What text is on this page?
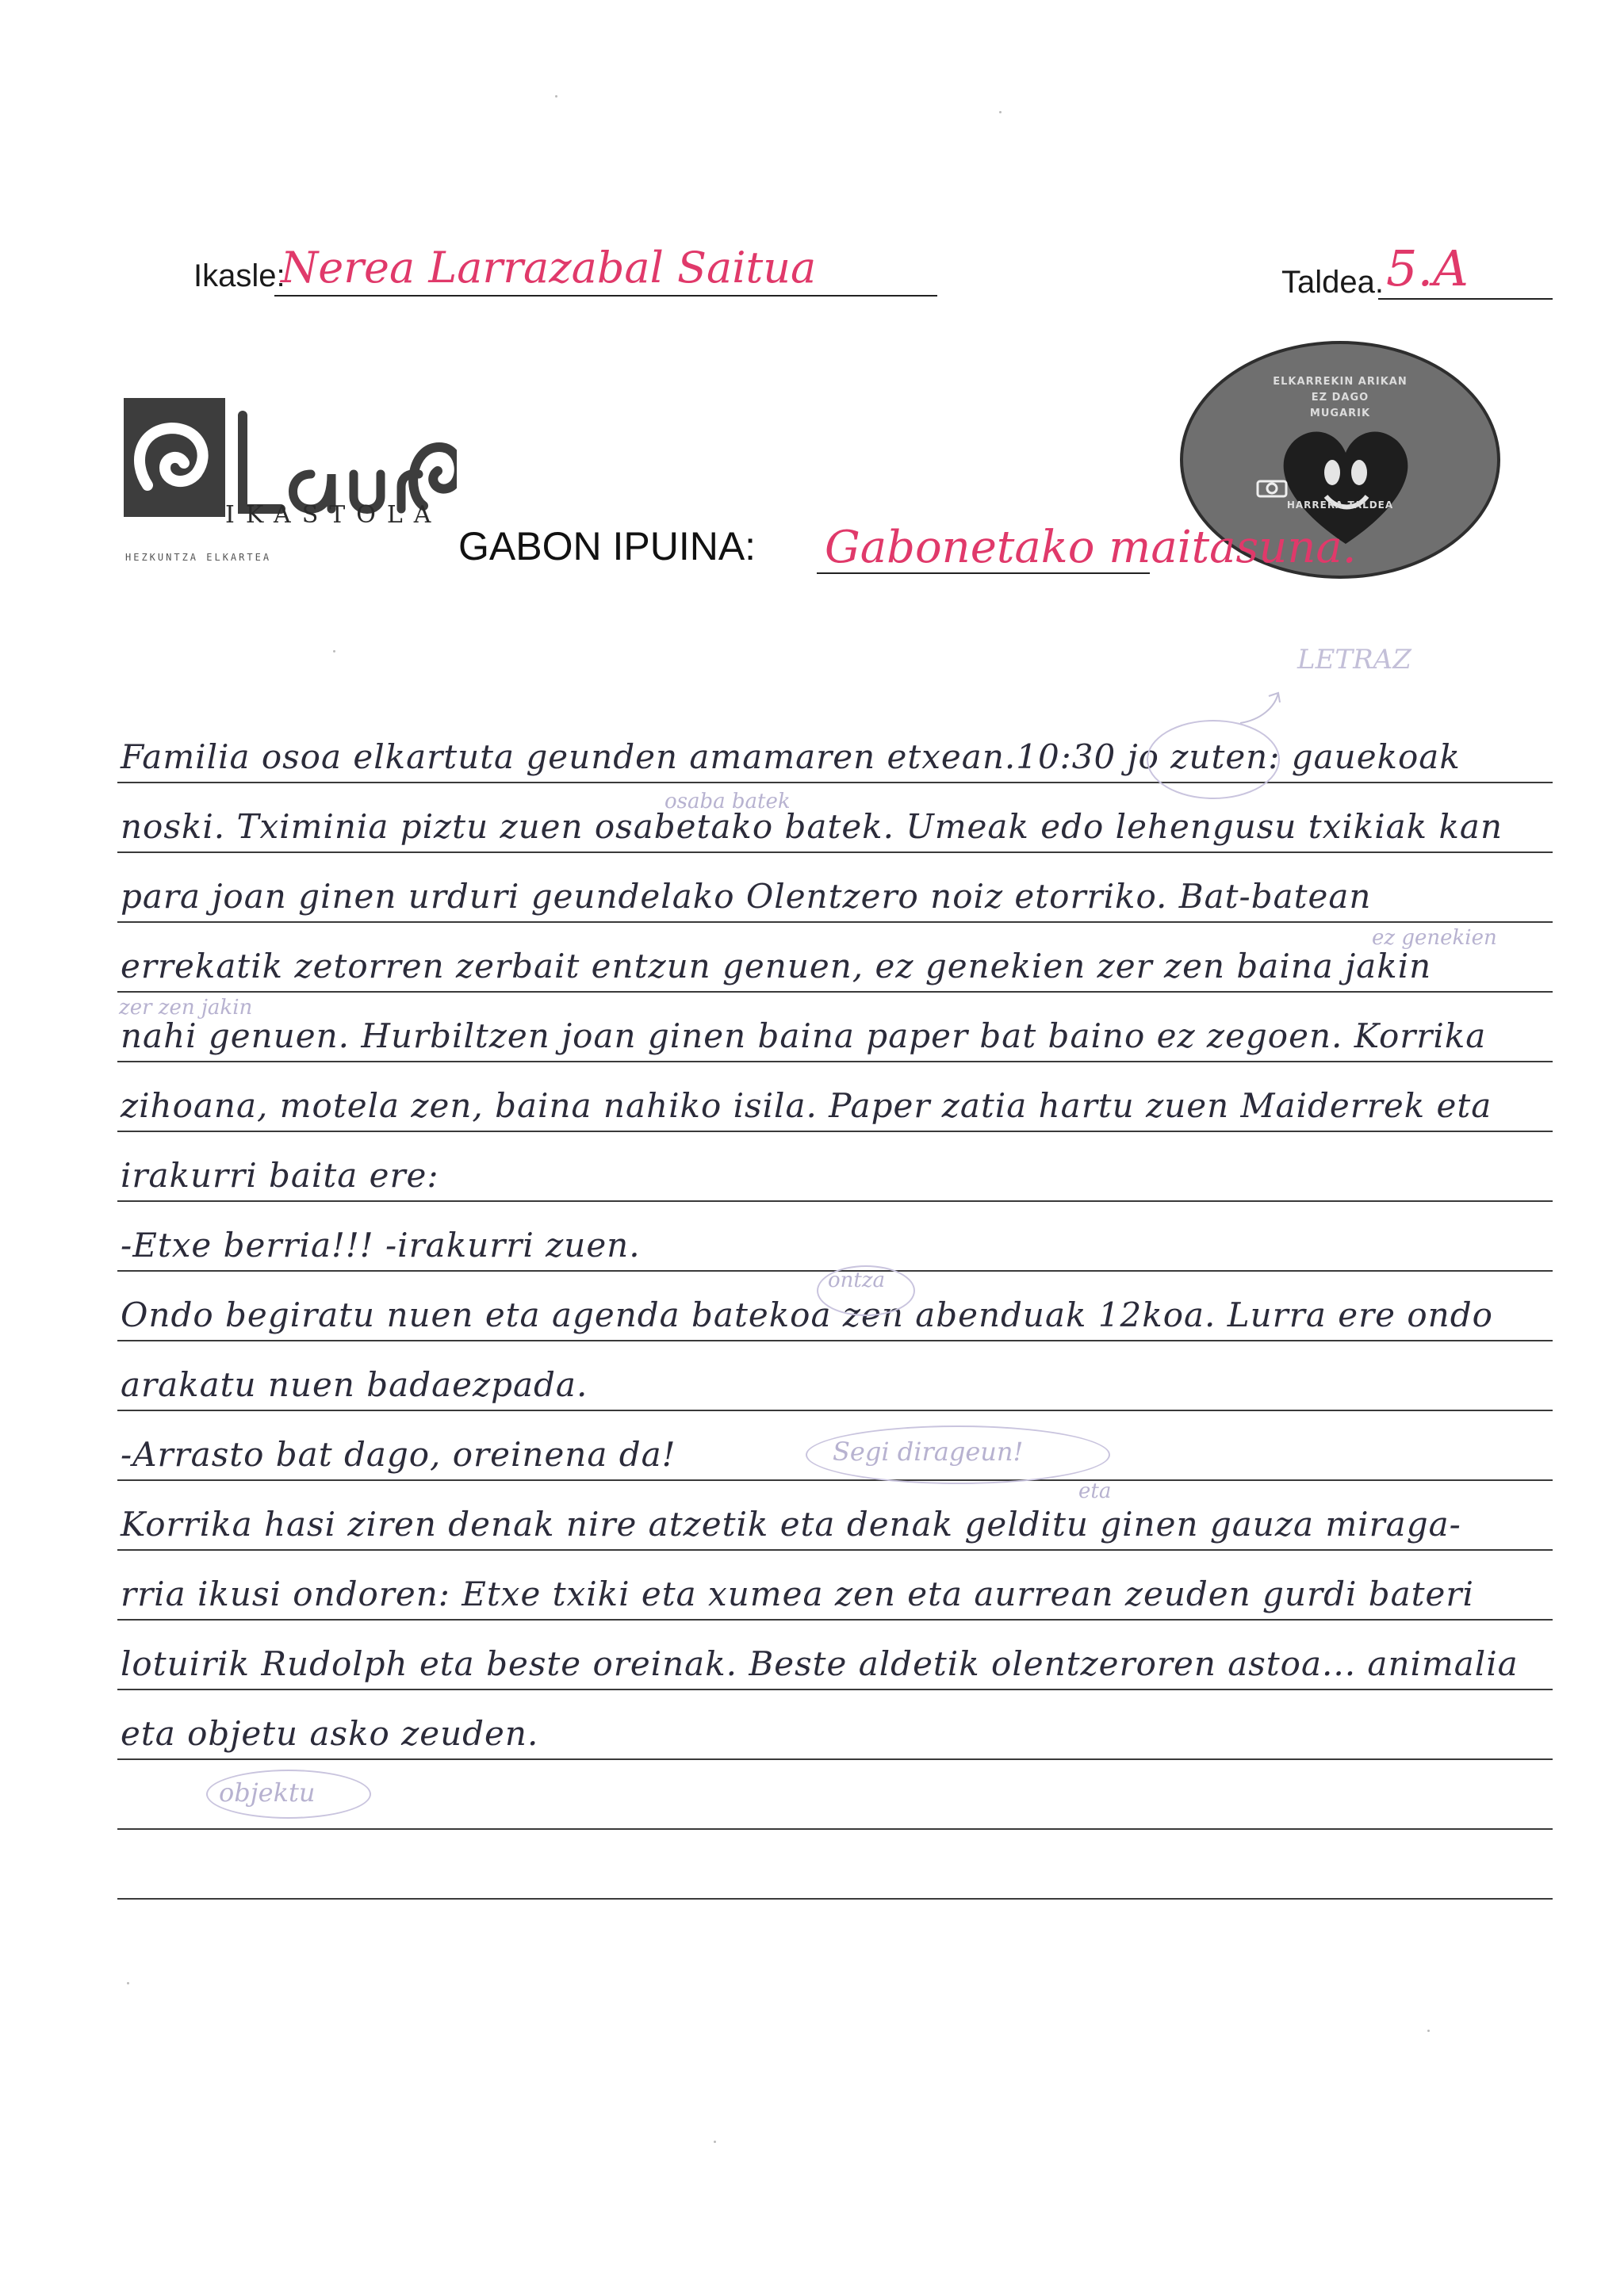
Ikasle:
Nerea Larrazabal Saitua	Taldea. 5.A
IKASTOLA
HEZKUNTZA ELKARTEA
ELKARREKIN ARIKAN
EZ DAGO
MUGARIK
HARRERA TALDEA
GABON IPUINA: Gabonetako maitasuna.
LETRAZ
Familia osoa elkartuta geunden amamaren etxean.10:30 jo zuten: gauekoak
noski. Tximinia piztu zuen osabetako batek. Umeak edo lehengusu txikiak kan
para joan ginen urduri geundelako Olentzero noiz etorriko. Bat-batean
errekatik zetorren zerbait entzun genuen, ez genekien zer zen baina jakin
nahi genuen. Hurbiltzen joan ginen baina paper bat baino ez zegoen. Korrika
zihoana, motela zen, baina nahiko isila. Paper zatia hartu zuen Maiderrek eta
irakurri baita ere:
-Etxe berria!!! -irakurri zuen.
Ondo begiratu nuen eta agenda batekoa zen abenduak 12koa. Lurra ere ondo
arakatu nuen badaezpada.
-Arrasto bat dago, oreinena da!
Korrika hasi ziren denak nire atzetik eta denak gelditu ginen gauza miraga-
rria ikusi ondoren: Etxe txiki eta xumea zen eta aurrean zeuden gurdi bateri
lotuirik Rudolph eta beste oreinak. Beste aldetik olentzeroren astoa... animalia
eta objetu asko zeuden.
osaba batek
ez genekien
zer zen jakin
ontza
Segi dirageun!
eta
objektu
